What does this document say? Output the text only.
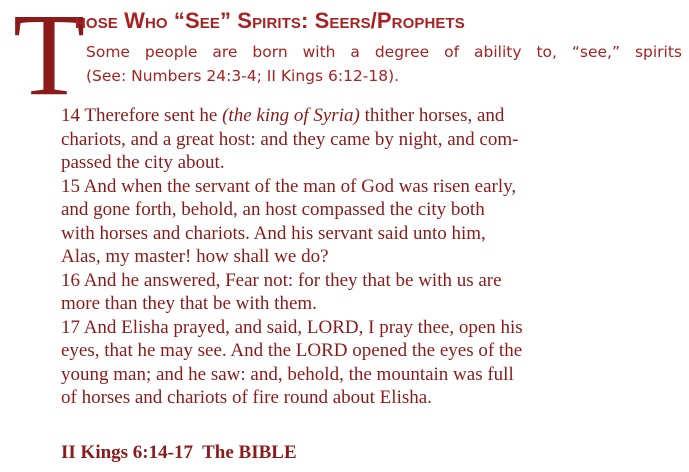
T
hose Who “See” Spirits: Seers/Prophets
Some people are born with a degree of ability to, “see,” spirits
(See: Numbers 24:3-4; II Kings 6:12-18).
14 Therefore sent he (the king of Syria) thither horses, and
chariots, and a great host: and they came by night, and com-
passed the city about.
15 And when the servant of the man of God was risen early,
and gone forth, behold, an host compassed the city both
with horses and chariots. And his servant said unto him,
Alas, my master! how shall we do?
16 And he answered, Fear not: for they that be with us are
more than they that be with them.
17 And Elisha prayed, and said, LORD, I pray thee, open his
eyes, that he may see. And the LORD opened the eyes of the
young man; and he saw: and, behold, the mountain was full
of horses and chariots of fire round about Elisha.
II Kings 6:14-17  The BIBLE
